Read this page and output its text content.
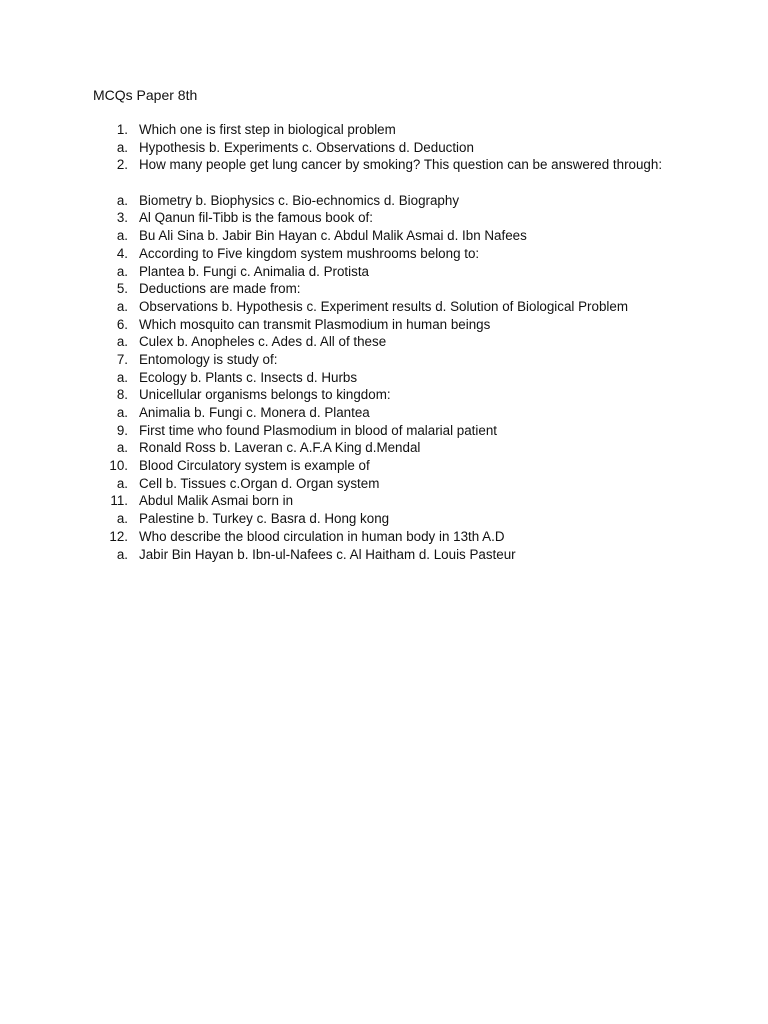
MCQs Paper 8th
1. Which one is first step in biological problem
a. Hypothesis b. Experiments c. Observations d. Deduction
2. How many people get lung cancer by smoking? This question can be answered through:
a. Biometry b. Biophysics c. Bio-echnomics d. Biography
3. Al Qanun fil-Tibb is the famous book of:
a. Bu Ali Sina b. Jabir Bin Hayan c. Abdul Malik Asmai d. Ibn Nafees
4. According to Five kingdom system mushrooms belong to:
a. Plantea b. Fungi c. Animalia d. Protista
5. Deductions are made from:
a. Observations b. Hypothesis c. Experiment results d. Solution of Biological Problem
6. Which mosquito can transmit Plasmodium in human beings
a. Culex b. Anopheles c. Ades d. All of these
7. Entomology is study of:
a. Ecology b. Plants c. Insects d. Hurbs
8. Unicellular organisms belongs to kingdom:
a. Animalia b. Fungi c. Monera d. Plantea
9. First time who found Plasmodium in blood of malarial patient
a. Ronald Ross b. Laveran c. A.F.A King d.Mendal
10. Blood Circulatory system is example of
a. Cell b. Tissues c.Organ d. Organ system
11. Abdul Malik Asmai born in
a. Palestine b. Turkey c. Basra d. Hong kong
12. Who describe the blood circulation in human body in 13th A.D
a. Jabir Bin Hayan b. Ibn-ul-Nafees c. Al Haitham d. Louis Pasteur
